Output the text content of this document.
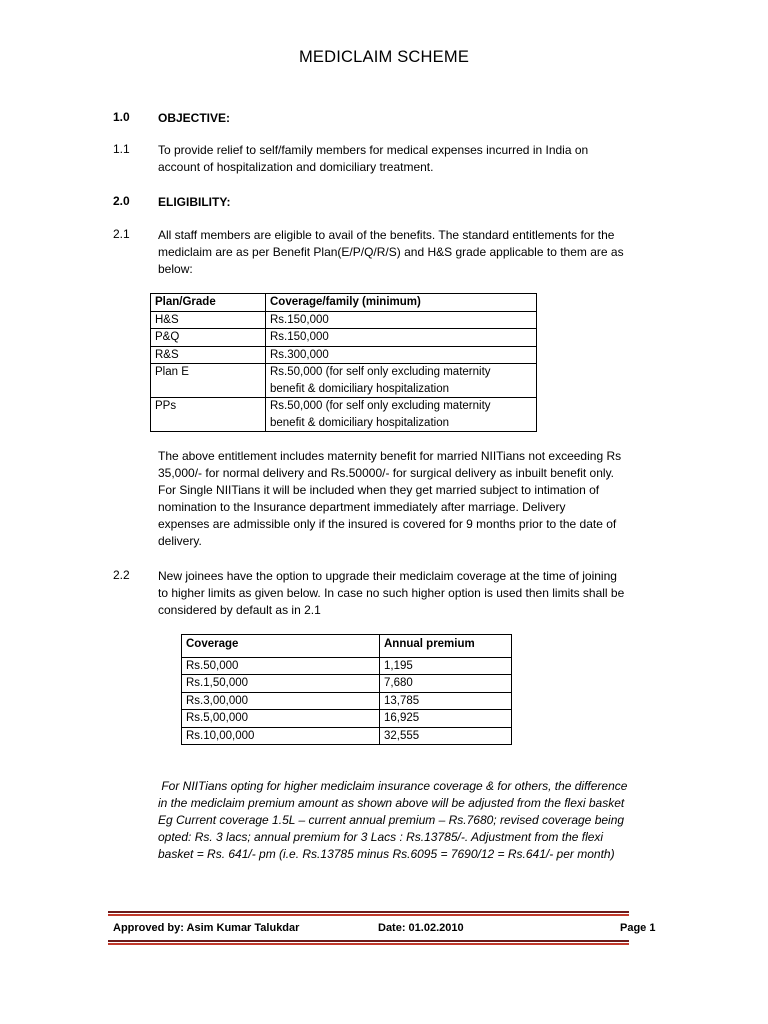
MEDICLAIM SCHEME
1.0 OBJECTIVE:
1.1 To provide relief to self/family members for medical expenses incurred in India on
account of hospitalization and domiciliary treatment.
2.0 ELIGIBILITY:
2.1 All staff members are eligible to avail of the benefits. The standard entitlements for the
mediclaim are as per Benefit Plan(E/P/Q/R/S) and H&S grade applicable to them are as
below:
Plan/Grade	Coverage/family (minimum)
H&S	Rs.150,000
P&Q	Rs.150,000
R&S	Rs.300,000
Plan E	Rs.50,000 (for self only excluding maternity
benefit & domiciliary hospitalization

PPs	Rs.50,000 (for self only excluding maternity
benefit & domiciliary hospitalization
The above entitlement includes maternity benefit for married NIITians not exceeding Rs
35,000/- for normal delivery and Rs.50000/- for surgical delivery as inbuilt benefit only.
For Single NIITians it will be included when they get married subject to intimation of
nomination to the Insurance department immediately after marriage. Delivery
expenses are admissible only if the insured is covered for 9 months prior to the date of
delivery.
2.2 New joinees have the option to upgrade their mediclaim coverage at the time of joining
to higher limits as given below. In case no such higher option is used then limits shall be
considered by default as in 2.1
Coverage	Annual premium
Rs.50,000	1,195
Rs.1,50,000	7,680
Rs.3,00,000	13,785
Rs.5,00,000	16,925
Rs.10,00,000	32,555
For NIITians opting for higher mediclaim insurance coverage & for others, the difference
in the mediclaim premium amount as shown above will be adjusted from the flexi basket
Eg Current coverage 1.5L – current annual premium – Rs.7680; revised coverage being
opted: Rs. 3 lacs; annual premium for 3 Lacs : Rs.13785/-. Adjustment from the flexi
basket = Rs. 641/- pm (i.e. Rs.13785 minus Rs.6095 = 7690/12 = Rs.641/- per month)
Approved by: Asim Kumar Talukdar	Date: 01.02.2010	Page 1
